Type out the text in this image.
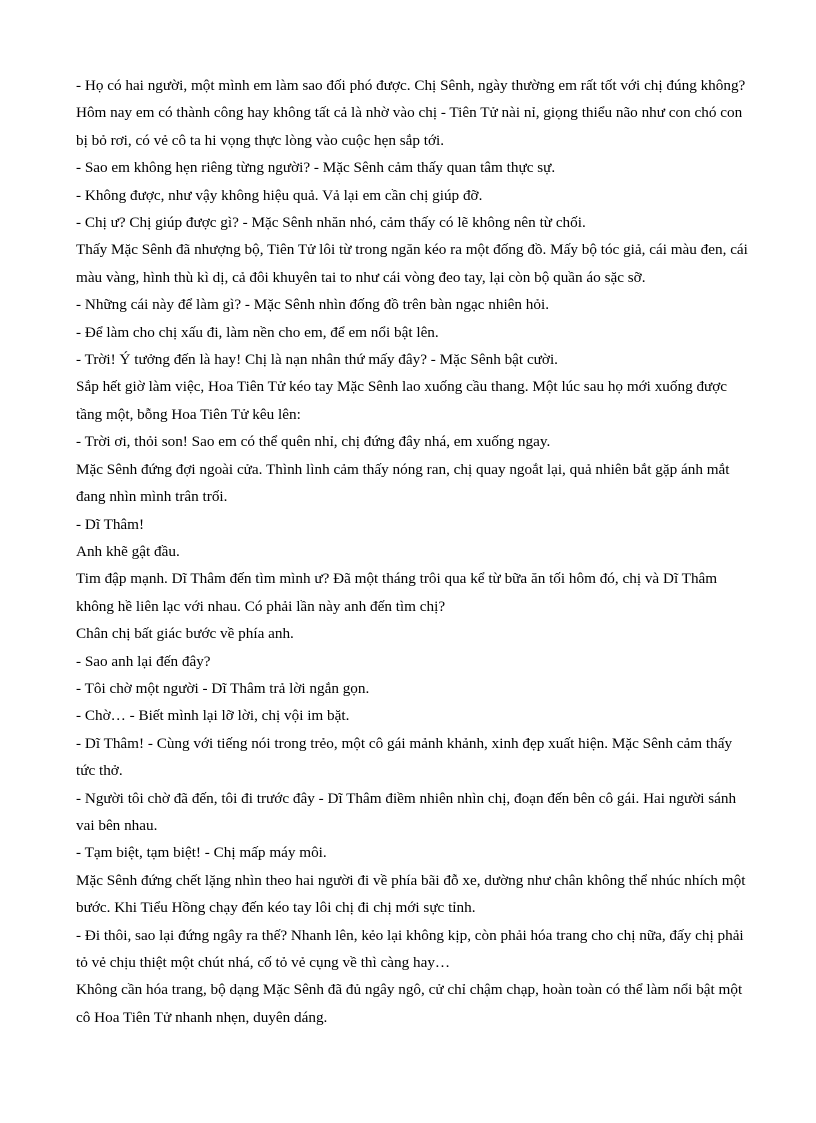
- Họ có hai người, một mình em làm sao đối phó được. Chị Sênh, ngày thường em rất tốt với chị đúng không? Hôm nay em có thành công hay không tất cả là nhờ vào chị - Tiên Tử nài nỉ, giọng thiểu não như con chó con bị bỏ rơi, có vẻ cô ta hi vọng thực lòng vào cuộc hẹn sắp tới.

- Sao em không hẹn riêng từng người? - Mặc Sênh cảm thấy quan tâm thực sự.

- Không được, như vậy không hiệu quả. Vả lại em cần chị giúp đỡ.

- Chị ư? Chị giúp được gì? - Mặc Sênh nhăn nhó, cảm thấy có lẽ không nên từ chối.

Thấy Mặc Sênh đã nhượng bộ, Tiên Tử lôi từ trong ngăn kéo ra một đống đồ. Mấy bộ tóc giả, cái màu đen, cái màu vàng, hình thù kì dị, cả đôi khuyên tai to như cái vòng đeo tay, lại còn bộ quần áo sặc sỡ.

- Những cái này để làm gì? - Mặc Sênh nhìn đống đồ trên bàn ngạc nhiên hỏi.

- Để làm cho chị xấu đi, làm nền cho em, để em nổi bật lên.

- Trời! Ý tưởng đến là hay! Chị là nạn nhân thứ mấy đây? - Mặc Sênh bật cười.

Sắp hết giờ làm việc, Hoa Tiên Tử kéo tay Mặc Sênh lao xuống cầu thang. Một lúc sau họ mới xuống được tầng một, bỗng Hoa Tiên Tử kêu lên:

- Trời ơi, thỏi son! Sao em có thể quên nhỉ, chị đứng đây nhá, em xuống ngay.

Mặc Sênh đứng đợi ngoài cửa. Thình lình cảm thấy nóng ran, chị quay ngoắt lại, quả nhiên bắt gặp ánh mắt đang nhìn mình trân trối.

- Dĩ Thâm!

Anh khẽ gật đầu.

Tim đập mạnh. Dĩ Thâm đến tìm mình ư? Đã một tháng trôi qua kể từ bữa ăn tối hôm đó, chị và Dĩ Thâm không hề liên lạc với nhau. Có phải lần này anh đến tìm chị?

Chân chị bất giác bước về phía anh.

- Sao anh lại đến đây?

- Tôi chờ một người - Dĩ Thâm trả lời ngắn gọn.

- Chờ… - Biết mình lại lỡ lời, chị vội im bặt.

- Dĩ Thâm! - Cùng với tiếng nói trong trẻo, một cô gái mảnh khảnh, xinh đẹp xuất hiện. Mặc Sênh cảm thấy tức thở.

- Người tôi chờ đã đến, tôi đi trước đây - Dĩ Thâm điềm nhiên nhìn chị, đoạn đến bên cô gái. Hai người sánh vai bên nhau.

- Tạm biệt, tạm biệt! - Chị mấp máy môi.

Mặc Sênh đứng chết lặng nhìn theo hai người đi về phía bãi đỗ xe, dường như chân không thể nhúc nhích một bước. Khi Tiểu Hồng chạy đến kéo tay lôi chị đi chị mới sực tỉnh.

- Đi thôi, sao lại đứng ngây ra thế? Nhanh lên, kẻo lại không kịp, còn phải hóa trang cho chị nữa, đấy chị phải tỏ vẻ chịu thiệt một chút nhá, cố tỏ vẻ cụng về thì càng hay…

Không cần hóa trang, bộ dạng Mặc Sênh đã đủ ngây ngô, cử chỉ chậm chạp, hoàn toàn có thể làm nổi bật một cô Hoa Tiên Tử nhanh nhẹn, duyên dáng.
